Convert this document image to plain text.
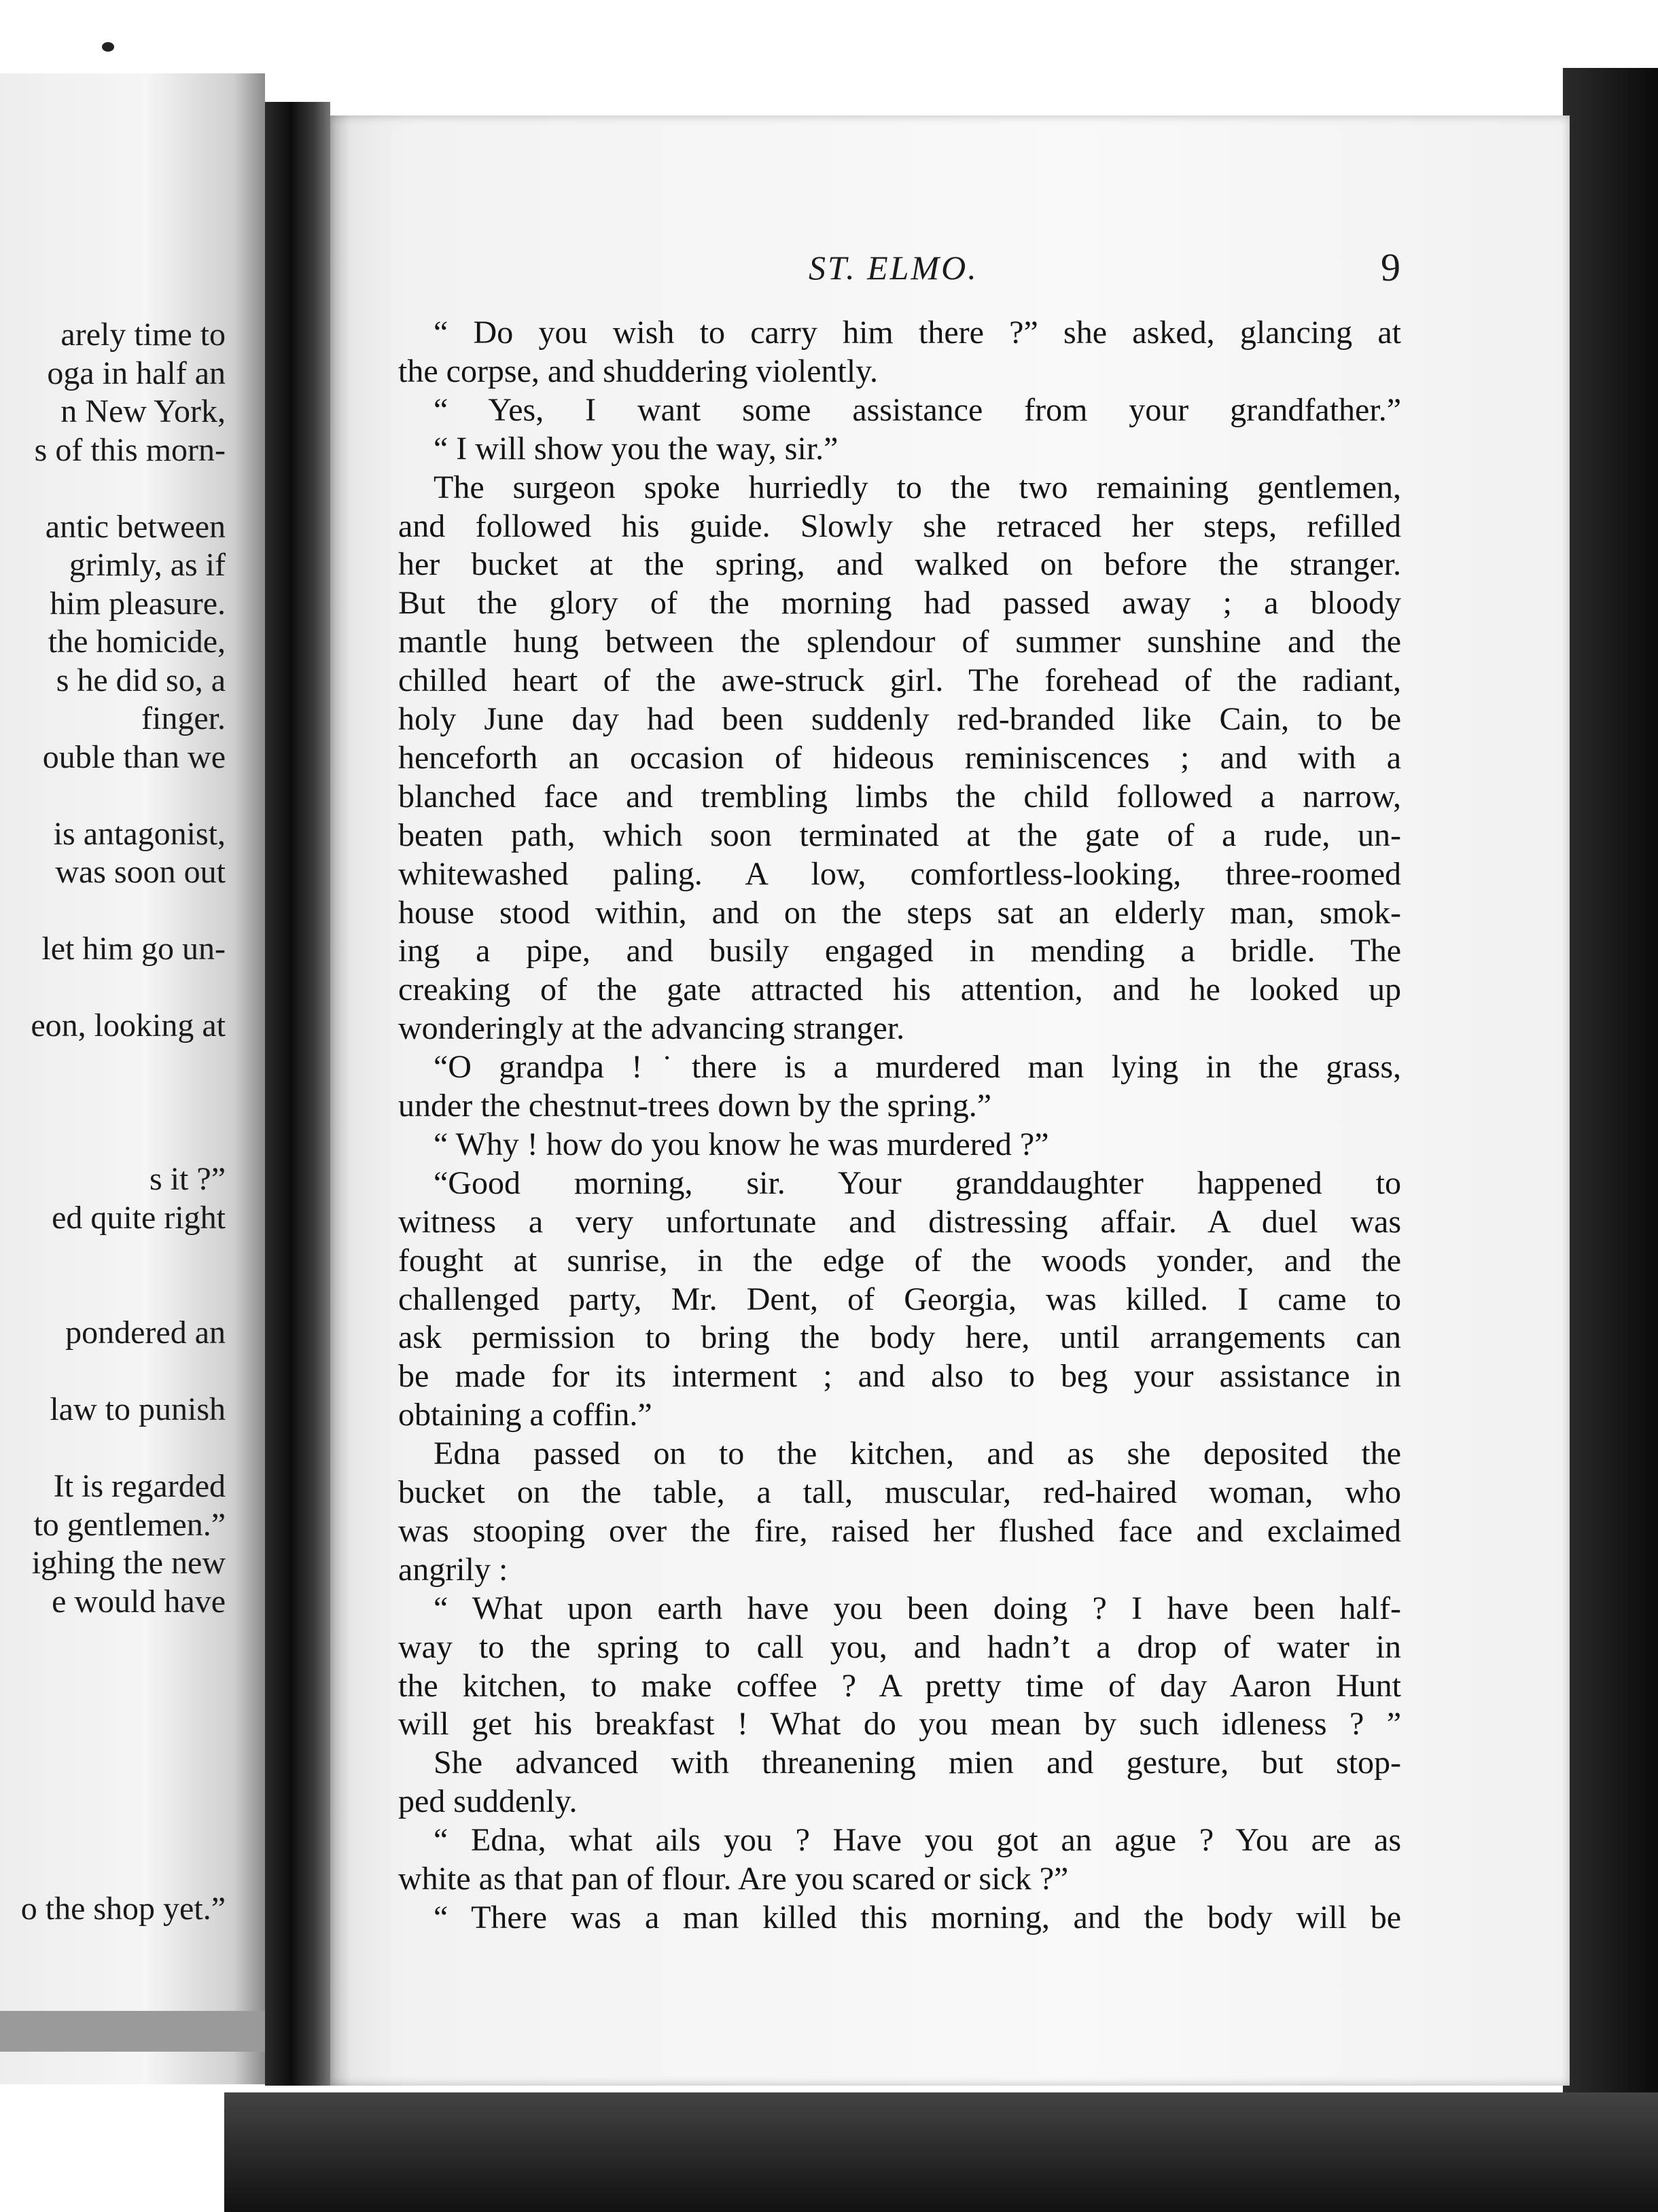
arely time to
oga in half an
n New York,
s of this morn-
antic between
grimly, as if
him pleasure.
the homicide,
s he did so, a
finger.
ouble than we
is antagonist,
was soon out
let him go un-
eon, looking at
s it ?”
ed quite right
pondered an
law to punish
It is regarded
to gentlemen.”
ighing the new
e would have
o the shop yet.”
ST. ELMO.	9
“ Do you wish to carry him there ?” she asked, glancing at
the corpse, and shuddering violently.
“ Yes, I want some assistance from your grandfather.”
“ I will show you the way, sir.”
The surgeon spoke hurriedly to the two remaining gentlemen,
and followed his guide. Slowly she retraced her steps, refilled
her bucket at the spring, and walked on before the stranger.
But the glory of the morning had passed away ; a bloody
mantle hung between the splendour of summer sunshine and the
chilled heart of the awe-struck girl. The forehead of the radiant,
holy June day had been suddenly red-branded like Cain, to be
henceforth an occasion of hideous reminiscences ; and with a
blanched face and trembling limbs the child followed a narrow,
beaten path, which soon terminated at the gate of a rude, un-
whitewashed paling. A low, comfortless-looking, three-roomed
house stood within, and on the steps sat an elderly man, smok-
ing a pipe, and busily engaged in mending a bridle. The
creaking of the gate attracted his attention, and he looked up
wonderingly at the advancing stranger.
“O grandpa !˙there is a murdered man lying in the grass,
under the chestnut-trees down by the spring.”
“ Why ! how do you know he was murdered ?”
“Good morning, sir. Your granddaughter happened to
witness a very unfortunate and distressing affair. A duel was
fought at sunrise, in the edge of the woods yonder, and the
challenged party, Mr. Dent, of Georgia, was killed. I came to
ask permission to bring the body here, until arrangements can
be made for its interment ; and also to beg your assistance in
obtaining a coffin.”
Edna passed on to the kitchen, and as she deposited the
bucket on the table, a tall, muscular, red-haired woman, who
was stooping over the fire, raised her flushed face and exclaimed
angrily :
“ What upon earth have you been doing ? I have been half-
way to the spring to call you, and hadn’t a drop of water in
the kitchen, to make coffee ? A pretty time of day Aaron Hunt
will get his breakfast ! What do you mean by such idleness ? ”
She advanced with threanening mien and gesture, but stop-
ped suddenly.
“ Edna, what ails you ? Have you got an ague ? You are as
white as that pan of flour. Are you scared or sick ?”
“ There was a man killed this morning, and the body will be
